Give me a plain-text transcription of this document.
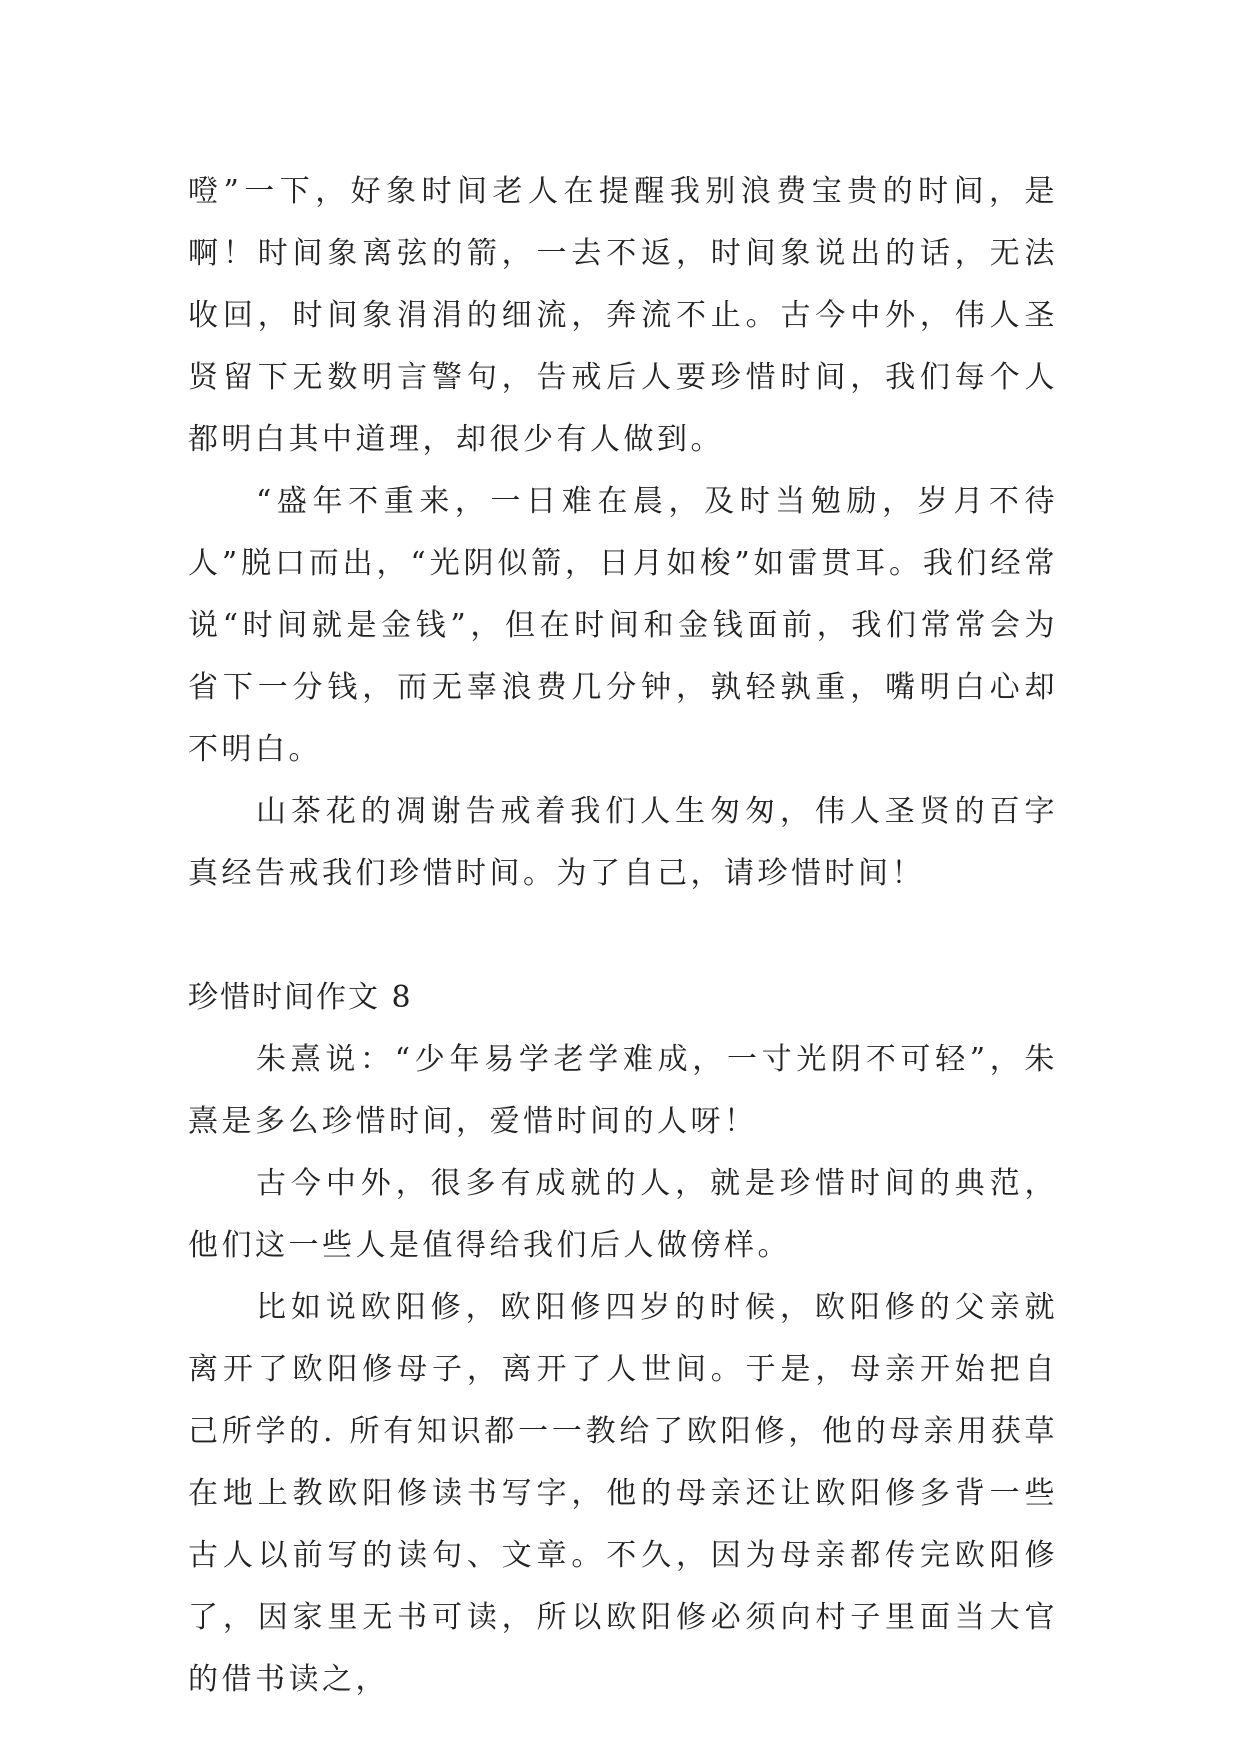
噔”一下，好象时间老人在提醒我别浪费宝贵的时间，是啊！时间象离弦的箭，一去不返，时间象说出的话，无法收回，时间象涓涓的细流，奔流不止。古今中外，伟人圣贤留下无数明言警句，告戒后人要珍惜时间，我们每个人都明白其中道理，却很少有人做到。

“盛年不重来，一日难在晨，及时当勉励，岁月不待人”脱口而出，“光阴似箭，日月如梭”如雷贯耳。我们经常说“时间就是金钱”，但在时间和金钱面前，我们常常会为省下一分钱，而无辜浪费几分钟，孰轻孰重，嘴明白心却不明白。

山茶花的凋谢告戒着我们人生匆匆，伟人圣贤的百字真经告戒我们珍惜时间。为了自己，请珍惜时间！

珍惜时间作文 8

朱熹说：“少年易学老学难成，一寸光阴不可轻”，朱熹是多么珍惜时间，爱惜时间的人呀！

古今中外，很多有成就的人，就是珍惜时间的典范，他们这一些人是值得给我们后人做傍样。

比如说欧阳修，欧阳修四岁的时候，欧阳修的父亲就离开了欧阳修母子，离开了人世间。于是，母亲开始把自己所学的. 所有知识都一一教给了欧阳修，他的母亲用获草在地上教欧阳修读书写字，他的母亲还让欧阳修多背一些古人以前写的读句、文章。不久，因为母亲都传完欧阳修了，因家里无书可读，所以欧阳修必须向村子里面当大官的借书读之，
